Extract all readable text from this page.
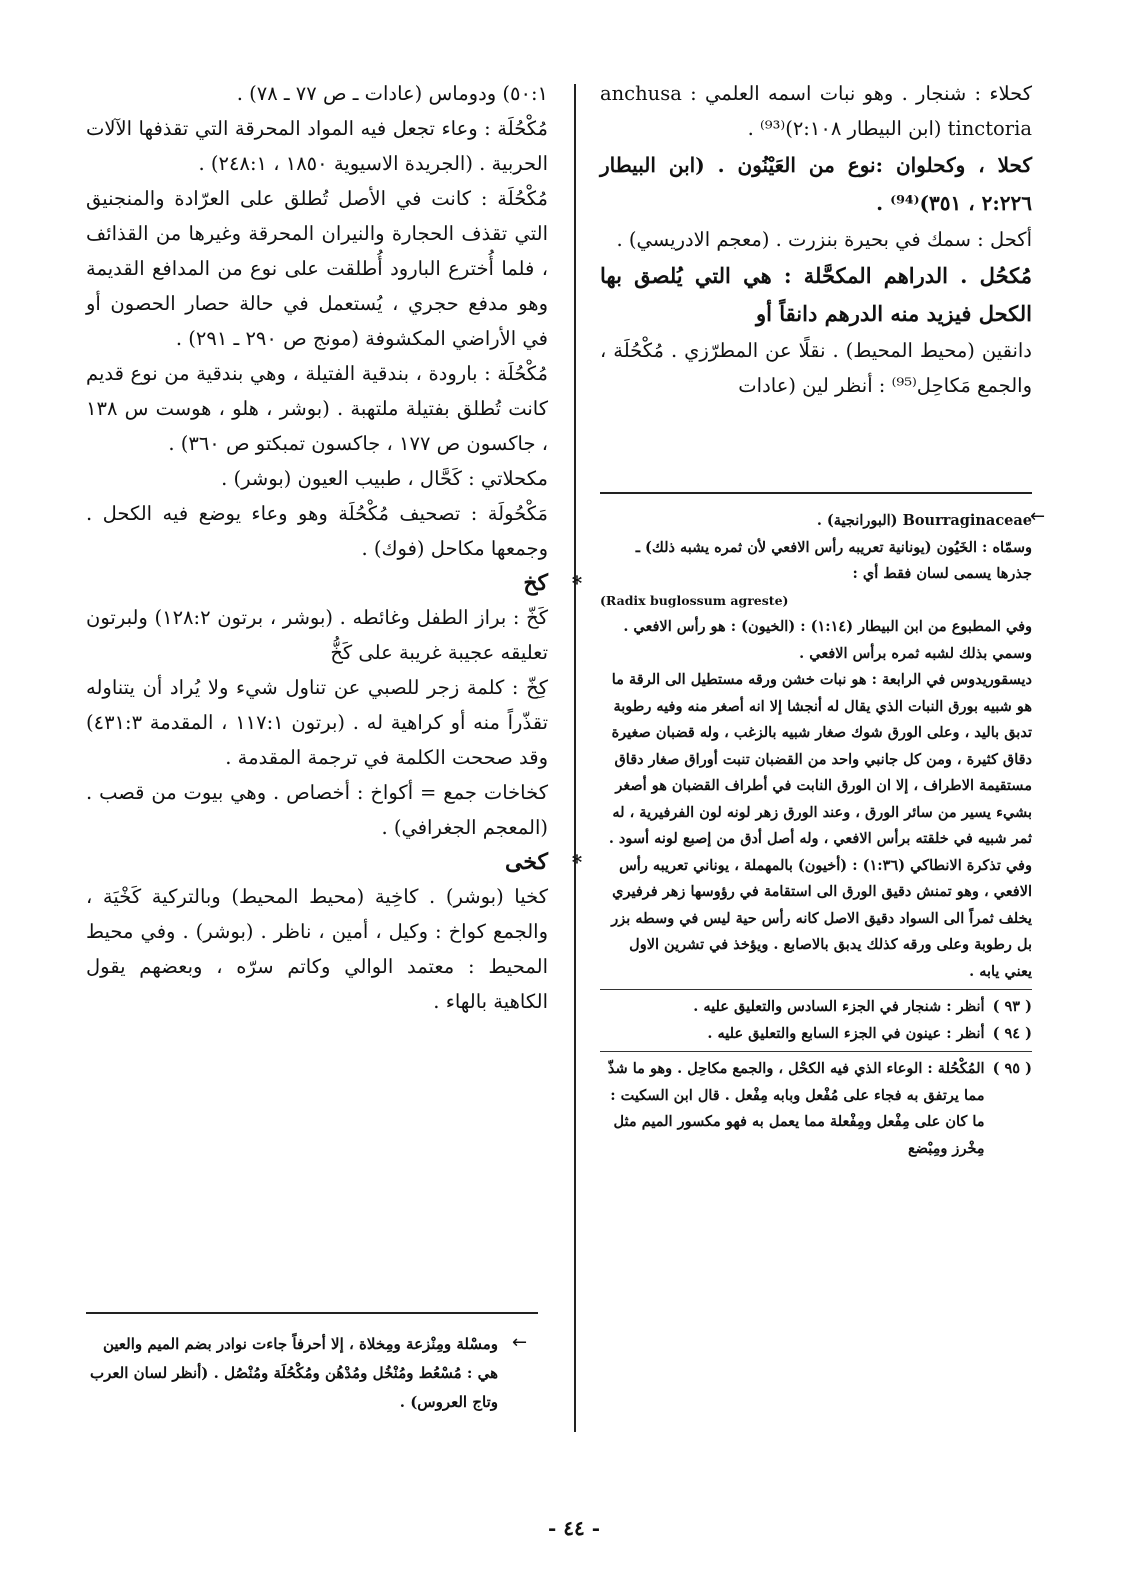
كحلاء : شنجار . وهو نبات اسمه العلمي : anchusa tinctoria (ابن البيطار ٢:١٠٨)⁽⁹³⁾ .

كحلا ، وكحلوان :نوع من العَيْنُون . (ابن البيطار ٢:٢٢٦ ، ٣٥١)⁽⁹⁴⁾ .

أكحل : سمك في بحيرة بنزرت . (معجم الادريسي) .

مُكحُل . الدراهم المكحَّلة : هي التي يُلصق بها الكحل فيزيد منه الدرهم دانقاً أو

دانقين (محيط المحيط) . نقلًا عن المطرّزي . مُكْحُلَة ، والجمع مَكاحِل⁽⁹⁵⁾ : أنظر لين (عادات

←

Bourraginaceae (البورانجية) .

وسمّاه : الخَيُون (يونانية تعريبه رأس الافعي لأن ثمره يشبه ذلك) ـ جذرها يسمى لسان فقط أي :

(Radix buglossum agreste)

وفي المطبوع من ابن البيطار (١:١٤) : (الخيون) : هو رأس الافعي . وسمي بذلك لشبه ثمره برأس الافعي .

ديسقوريدوس في الرابعة : هو نبات خشن ورقه مستطيل الى الرقة ما هو شبيه بورق النبات الذي يقال له أنجشا إلا انه أصغر منه وفيه رطوبة تدبق باليد ، وعلى الورق شوك صغار شبيه بالزغب ، وله قضبان صغيرة دقاق كثيرة ، ومن كل جانبي واحد من القضبان تنبت أوراق صغار دقاق مستقيمة الاطراف ، إلا ان الورق النابت في أطراف القضبان هو أصغر بشيء يسير من سائر الورق ، وعند الورق زهر لونه لون الفرفيرية ، له ثمر شبيه في خلقته برأس الافعي ، وله أصل أدق من إصبع لونه أسود .

وفي تذكرة الانطاكي (١:٣٦) : (أخيون) بالمهملة ، يوناني تعريبه رأس الافعي ، وهو تمنش دقيق الورق الى استقامة في رؤوسها زهر فرفيري يخلف ثمراً الى السواد دقيق الاصل كانه رأس حية ليس في وسطه بزر بل رطوبة وعلى ورقه كذلك يدبق بالاصابع . ويؤخذ في تشرين الاول يعني يابه .

( ٩٣ )
أنظر : شنجار في الجزء السادس والتعليق عليه .
( ٩٤ )
أنظر : عينون في الجزء السابع والتعليق عليه .
( ٩٥ )
المُكْحُلة : الوعاء الذي فيه الكحْل ، والجمع مكاحِل . وهو ما شذّ مما يرتفق به فجاء على مُفْعل وبابه مِفْعل . قال ابن السكيت : ما كان على مِفْعل ومِفْعلة مما يعمل به فهو مكسور الميم مثل مِخْرز ومِبْضع

٥٠:١) ودوماس (عادات ـ ص ٧٧ ـ ٧٨) .

مُكْحُلَة : وعاء تجعل فيه المواد المحرقة التي تقذفها الآلات الحربية . (الجريدة الاسيوية ١٨٥٠ ، ٢٤٨:١) .

مُكْحُلَة : كانت في الأصل تُطلق على العرّادة والمنجنيق التي تقذف الحجارة والنيران المحرقة وغيرها من القذائف ، فلما أُخترع البارود أُطلقت على نوع من المدافع القديمة وهو مدفع حجري ، يُستعمل في حالة حصار الحصون أو في الأراضي المكشوفة (مونج ص ٢٩٠ ـ ٢٩١) .

مُكْحُلَة : بارودة ، بندقية الفتيلة ، وهي بندقية من نوع قديم كانت تُطلق بفتيلة ملتهبة . (بوشر ، هلو ، هوست س ١٣٨ ، جاكسون ص ١٧٧ ، جاكسون تمبكتو ص ٣٦٠) .

مكحلاتي : كَحَّال ، طبيب العيون (بوشر) .

مَكْحُولَة : تصحيف مُكْحُلَة وهو وعاء يوضع فيه الكحل . وجمعها مكاحل (فوك) .

*
كخ

كَخّ : براز الطفل وغائطه . (بوشر ، برتون ١٢٨:٢) ولبرتون تعليقه عجيبة غريبة على كَخُّ

كِخّ : كلمة زجر للصبي عن تناول شيء ولا يُراد أن يتناوله تقذّراً منه أو كراهية له . (برتون ١١٧:١ ، المقدمة ٤٣١:٣) وقد صححت الكلمة في ترجمة المقدمة .

كخاخات جمع = أكواخ : أخصاص . وهي بيوت من قصب . (المعجم الجغرافي) .

*
كخى

كخيا (بوشر) . كاخِية (محيط المحيط) وبالتركية كَخْيَة ، والجمع كواخ : وكيل ، أمين ، ناظر . (بوشر) . وفي محيط المحيط : معتمد الوالي وكاتم سرّه ، وبعضهم يقول الكاهية بالهاء .

←

ومسْلة ومِنْزعة ومِخلاة ، إلا أحرفاً جاءت نوادر بضم الميم والعين هي : مُسْعُط ومُنْخُل ومُدْهُن ومُكْحُلَة ومُنْصُل . (أنظر لسان العرب وتاج العروس) .

- ٤٤ -
